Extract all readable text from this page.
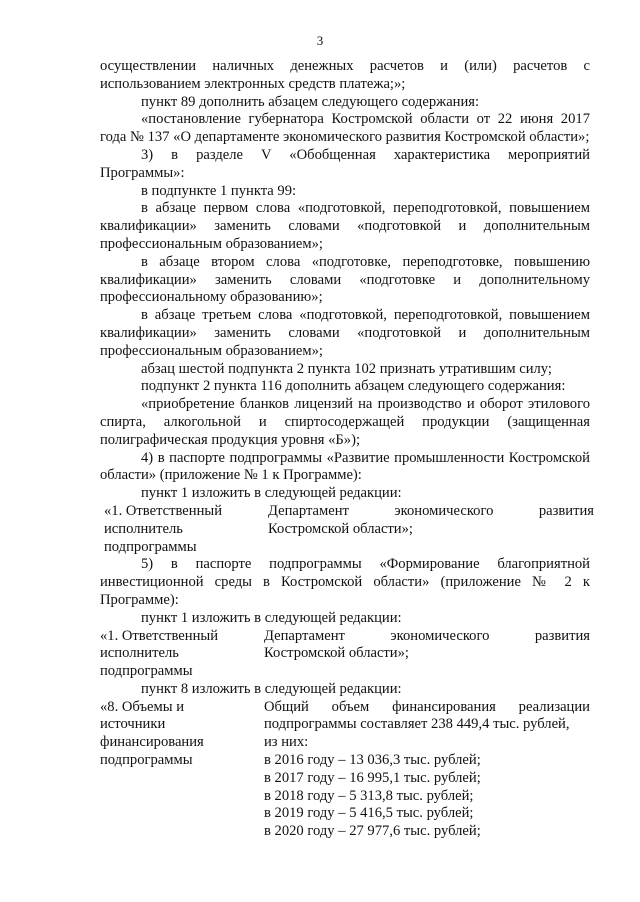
3

осуществлении наличных денежных расчетов и (или) расчетов с использованием электронных средств платежа;»;

пункт 89 дополнить абзацем следующего содержания:

«постановление губернатора Костромской области от 22 июня 2017 года № 137 «О департаменте экономического развития Костромской области»;

3) в разделе V «Обобщенная характеристика мероприятий Программы»:

в подпункте 1 пункта 99:

в абзаце первом слова «подготовкой, переподготовкой, повышением квалификации» заменить словами «подготовкой и дополнительным профессиональным образованием»;

в абзаце втором слова «подготовке, переподготовке, повышению квалификации» заменить словами «подготовке и дополнительному профессиональному образованию»;

в абзаце третьем слова «подготовкой, переподготовкой, повышением квалификации» заменить словами «подготовкой и дополнительным профессиональным образованием»;

абзац шестой подпункта 2 пункта 102 признать утратившим силу;

подпункт 2 пункта 116 дополнить абзацем следующего содержания:

«приобретение бланков лицензий на производство и оборот этилового спирта, алкогольной и спиртосодержащей продукции (защищенная полиграфическая продукция уровня «Б»);

4) в паспорте подпрограммы «Развитие промышленности Костромской области» (приложение № 1 к Программе):

пункт 1 изложить в следующей редакции:

«1. Ответственный
исполнитель
подпрограммы
Департамент экономического развития
Костромской области»;

5) в паспорте подпрограммы «Формирование благоприятной инвестиционной среды в Костромской области» (приложение № 2 к Программе):

пункт 1 изложить в следующей редакции:

«1. Ответственный
исполнитель
подпрограммы
Департамент экономического развития
Костромской области»;

пункт 8 изложить в следующей редакции:

«8. Объемы и
источники
финансирования
подпрограммы
Общий объем финансирования реализации
подпрограммы составляет 238 449,4 тыс. рублей,
из них:
в 2016 году – 13 036,3 тыс. рублей;
в 2017 году – 16 995,1 тыс. рублей;
в 2018 году – 5 313,8 тыс. рублей;
в 2019 году – 5 416,5 тыс. рублей;
в 2020 году – 27 977,6 тыс. рублей;
